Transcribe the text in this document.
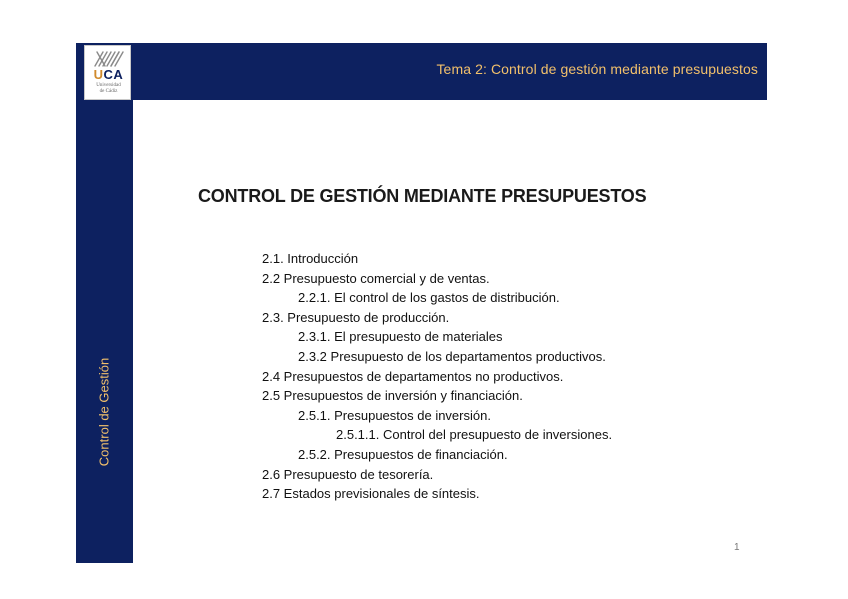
UCA
Universidad
de Cádiz
Tema 2: Control de gestión mediante presupuestos
Control de Gestión
CONTROL DE GESTIÓN MEDIANTE PRESUPUESTOS
2.1. Introducción
2.2 Presupuesto comercial y de ventas.
2.2.1. El control de los gastos de distribución.
2.3. Presupuesto de producción.
2.3.1. El presupuesto de materiales
2.3.2 Presupuesto de los departamentos productivos.
2.4 Presupuestos de departamentos no productivos.
2.5 Presupuestos de inversión y financiación.
2.5.1. Presupuestos de inversión.
2.5.1.1. Control del presupuesto de inversiones.
2.5.2. Presupuestos de financiación.
2.6 Presupuesto de tesorería.
2.7 Estados previsionales de síntesis.
1
